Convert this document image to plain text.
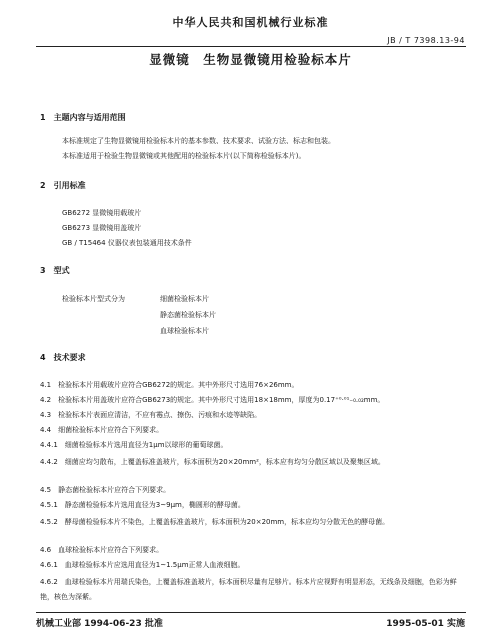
中华人民共和国机械行业标准
JB / T 7398.13-94
显微镜　生物显微镜用检验标本片
1　主题内容与适用范围
本标准规定了生物显微镜用检验标本片的基本参数、技术要求、试验方法、标志和包装。
本标准适用于检验生物显微镜或其他配用的检验标本片(以下简称检验标本片)。
2　引用标准
GB6272 显微镜用载玻片
GB6273 显微镜用盖玻片
GB / T15464 仪器仪表包装通用技术条件
3　型式
检验标本片型式分为	细菌检验标本片
静态菌检验标本片
血球检验标本片
4　技术要求
4.1　检验标本片用载玻片应符合GB6272的规定。其中外形尺寸选用76×26mm。
4.2　检验标本片用盖玻片应符合GB6273的规定。其中外形尺寸选用18×18mm，厚度为0.17⁺⁰·⁰¹₋₀.₀₂mm。
4.3　检验标本片表面应清洁，不应有霉点、擦伤、污痕和水迹等缺陷。
4.4　细菌检验标本片应符合下列要求。
4.4.1　细菌检验标本片选用直径为1μm以球形的葡萄球菌。
4.4.2　细菌应均匀散布，上覆盖标准盖玻片，标本面积为20×20mm²，标本应有均匀分散区域以及聚集区域。
4.5　静态菌检验标本片应符合下列要求。
4.5.1　静态菌检验标本片选用直径为3~9μm，椭圆形的酵母菌。
4.5.2　酵母菌检验标本片不染色，上覆盖标准盖玻片，标本面积为20×20mm，标本应均匀分散无色的酵母菌。
4.6　血球检验标本片应符合下列要求。
4.6.1　血球检验标本片应选用直径为1~1.5μm正常人血液细胞。
4.6.2　血球检验标本片用瑞氏染色，上覆盖标准盖玻片，标本面积尽量有足够片。标本片应视野有明显形态，无线条及细胞，色彩为鲜艳，核色为深紫。
机械工业部 1994-06-23 批准	1995-05-01 实施
